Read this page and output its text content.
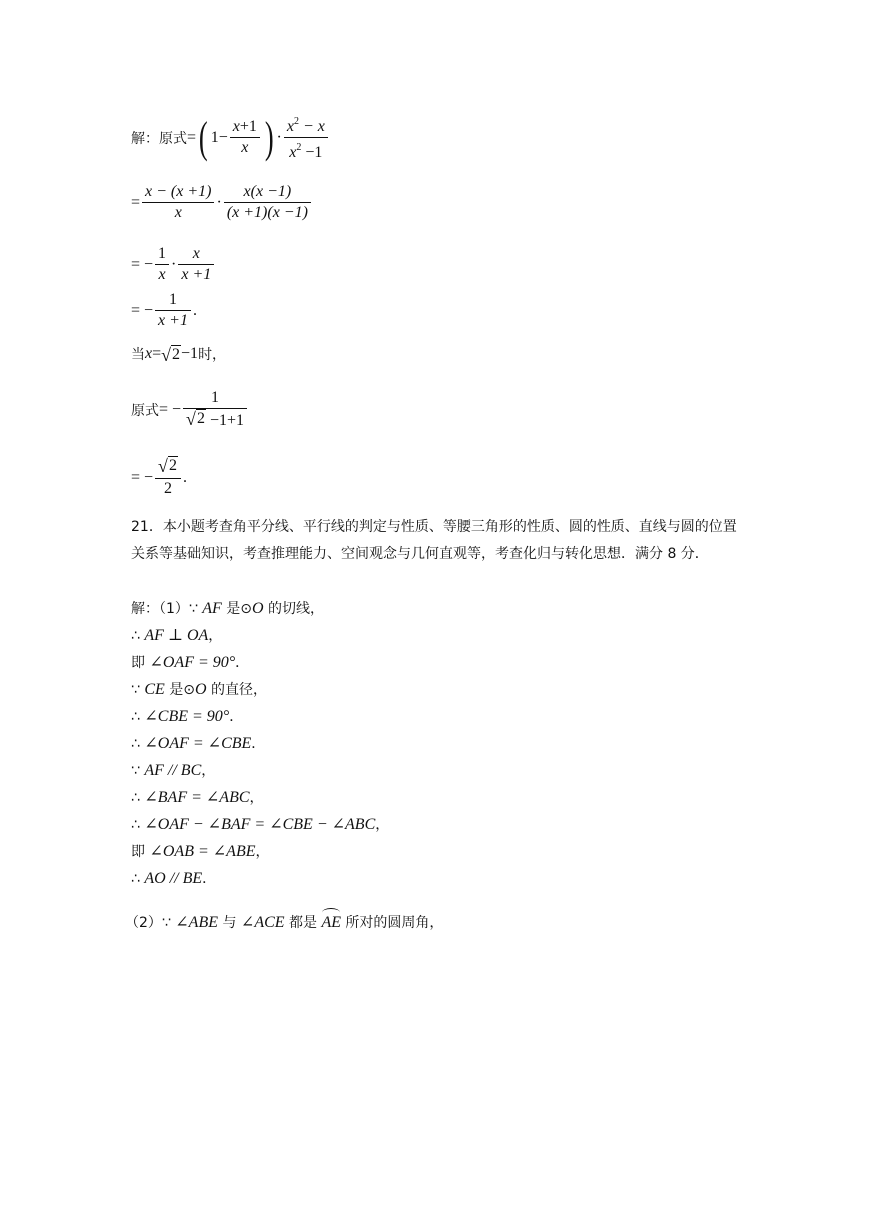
解：原式 = ( $1 - \frac{x+1}{x}$ ) · $\frac{x^2 - x}{x^2 -1}$
= $\frac{x - (x +1)}{x} \cdot \frac{x(x -1)}{(x +1)(x -1)}$
= − $\frac{1}{x} \cdot \frac{x}{x +1}$
= − $\frac{1}{x +1}$ .
当 x = √ 2 −1 时，
原式 = − $\frac{1}{√ 2 -1+1}$
= − $\frac{√ 2}{2}$ .
21．本小题考查角平分线、平行线的判定与性质、等腰三角形的性质、圆的性质、直线与圆的位置关系等基础知识，考查推理能力、空间观念与几何直观等，考查化归与转化思想．满分 8 分．
解：（1）∵ AF 是⊙O 的切线，
∴ AF ⊥ OA，
即 ∠OAF = 90°．
∵ CE 是⊙O 的直径，
∴ ∠CBE = 90°．
∴ ∠OAF = ∠CBE．
∵ AF // BC，
∴ ∠BAF = ∠ABC，
∴ ∠OAF − ∠BAF = ∠CBE − ∠ABC，
即 ∠OAB = ∠ABE，
∴ AO // BE．
（2）∵ ∠ABE 与 ∠ACE 都是 AE 所对的圆周角，
